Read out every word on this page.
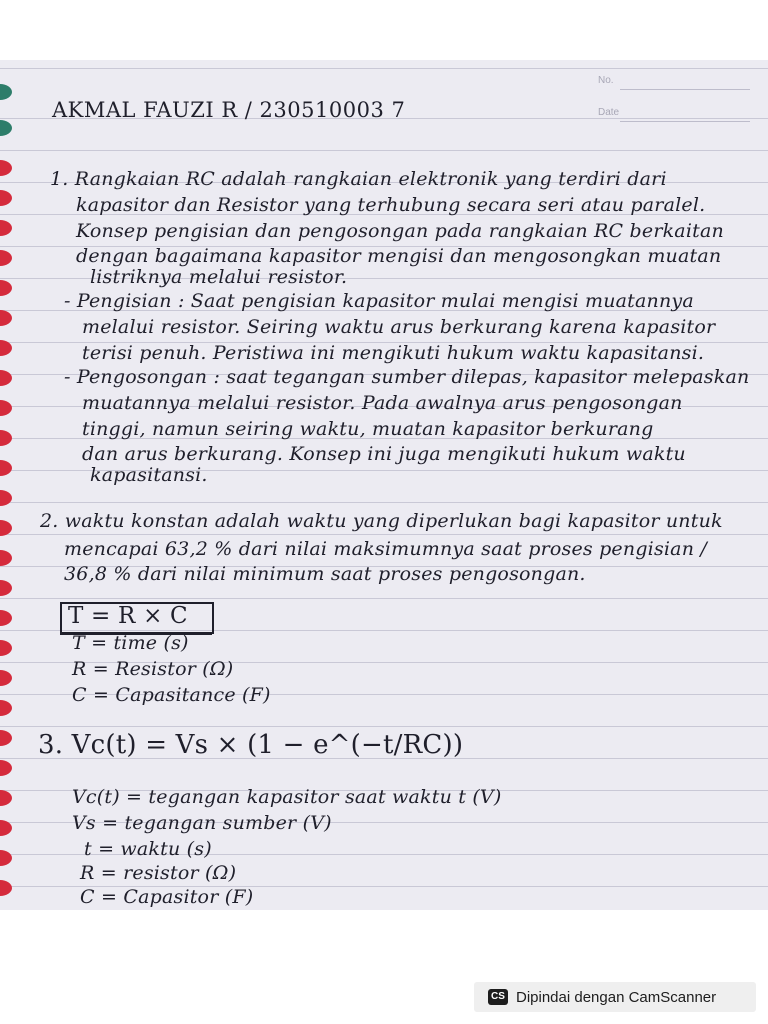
No.
Date
AKMAL FAUZI R / 230510003 7
1. Rangkaian RC adalah rangkaian elektronik yang terdiri dari
kapasitor dan Resistor yang terhubung secara seri atau paralel.
Konsep pengisian dan pengosongan pada rangkaian RC berkaitan
dengan bagaimana kapasitor mengisi dan mengosongkan muatan
listriknya melalui resistor.
- Pengisian : Saat pengisian kapasitor mulai mengisi muatannya
melalui resistor. Seiring waktu arus berkurang karena kapasitor
terisi penuh. Peristiwa ini mengikuti hukum waktu kapasitansi.
- Pengosongan : saat tegangan sumber dilepas, kapasitor melepaskan
muatannya melalui resistor. Pada awalnya arus pengosongan
tinggi, namun seiring waktu, muatan kapasitor berkurang
dan arus berkurang. Konsep ini juga mengikuti hukum waktu
kapasitansi.
2. waktu konstan adalah waktu yang diperlukan bagi kapasitor untuk
mencapai 63,2 % dari nilai maksimumnya saat proses pengisian /
36,8 % dari nilai minimum saat proses pengosongan.
T = R × C
T = time (s)
R = Resistor (Ω)
C = Capasitance (F)
3. Vc(t) = Vs × (1 − e^(−t/RC))
Vc(t) = tegangan kapasitor saat waktu t (V)
Vs = tegangan sumber (V)
t = waktu (s)
R = resistor (Ω)
C = Capasitor (F)
CS Dipindai dengan CamScanner
